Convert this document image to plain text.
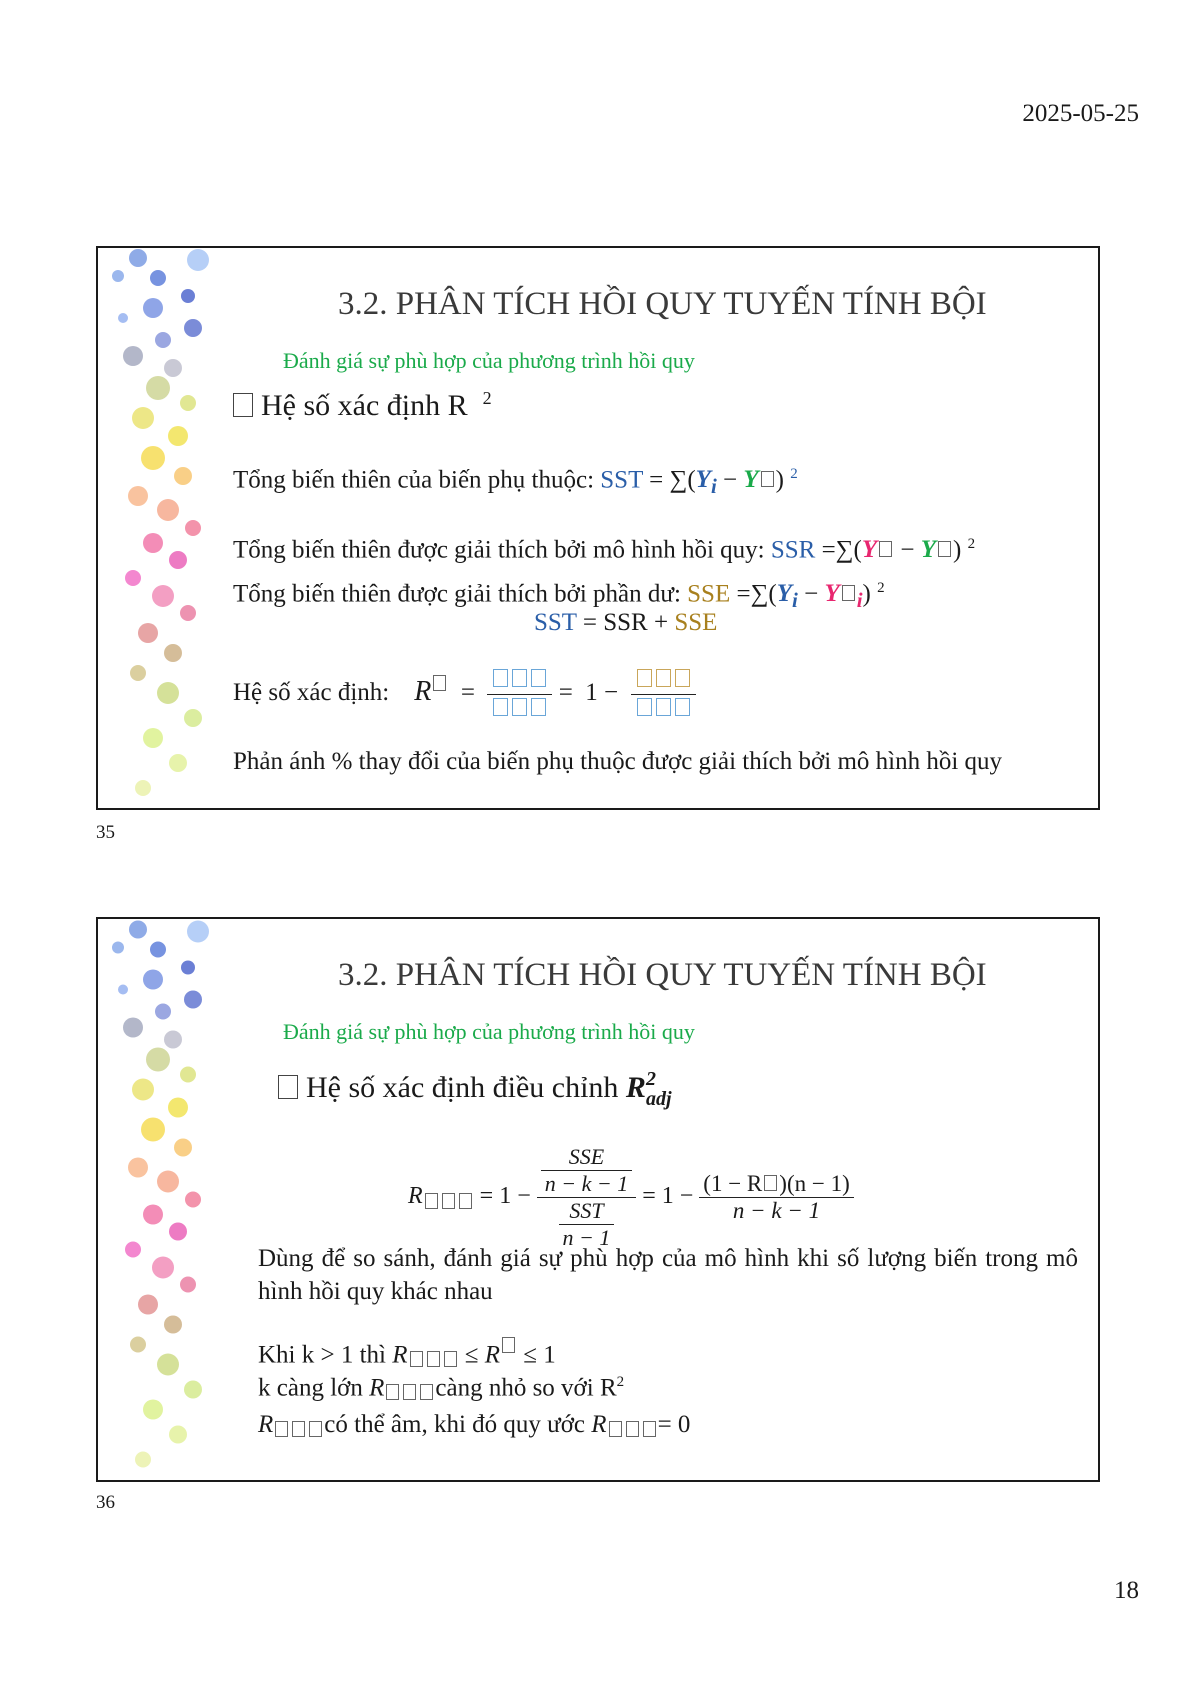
2025-05-25
3.2. PHÂN TÍCH HỒI QUY TUYẾN TÍNH BỘI
Đánh giá sự phù hợp của phương trình hồi quy
Hệ số xác định R $^2$
Tổng biến thiên của biến phụ thuộc: SST = $\sum(Y_i - Y$ ) $^2$
Tổng biến thiên được giải thích bởi mô hình hồi quy: SSR =∑(Y − Y ) $^2$
Tổng biến thiên được giải thích bởi phần dư: SSE $=\sum(Y_i - Y$ $_i$) $^2$
SST = SSR + SSE
Hệ số xác định: R  =	=  1 −
Phản ánh % thay đổi của biến phụ thuộc được giải thích bởi mô hình hồi quy
35
3.2. PHÂN TÍCH HỒI QUY TUYẾN TÍNH BỘI
Đánh giá sự phù hợp của phương trình hồi quy
Hệ số xác định điều chỉnh R 2
adj
$R = 1 - \frac{\frac{\text{SSE}}{n - k - 1}}{\frac{\text{SST}}{n - 1}} = 1 - \frac{(1 - R )(n - 1)}{n - k - 1}$
Dùng để so sánh, đánh giá sự phù hợp của mô hình khi số lượng biến trong mô hình hồi quy khác nhau
Khi k > 1 thì R ≤ R ≤ 1
k càng lớn R càng nhỏ so với $R^2$
R có thể âm, khi đó quy ước R = 0
36
18
